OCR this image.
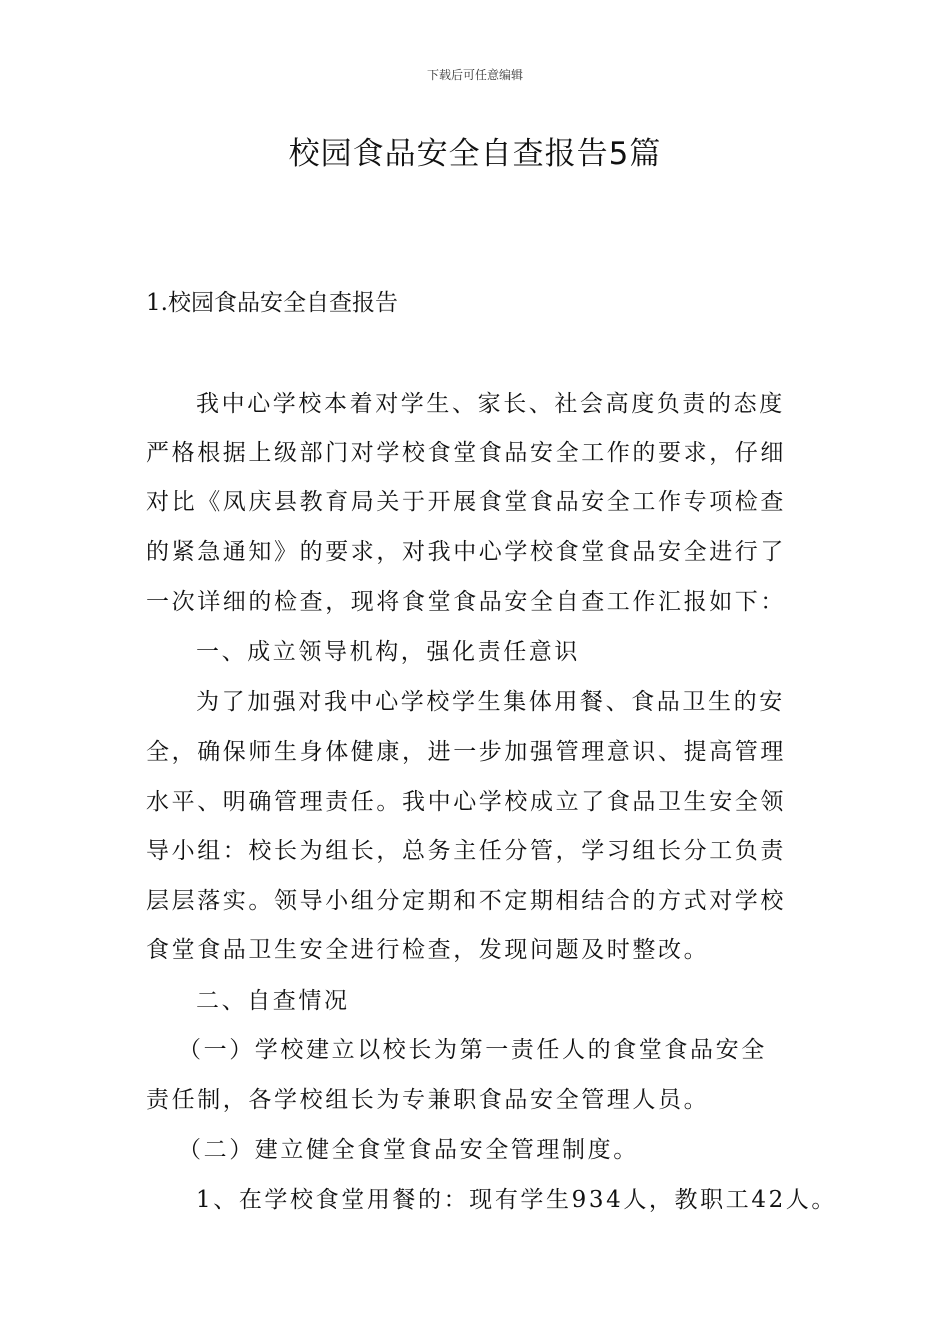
下载后可任意编辑
校园食品安全自查报告5篇
1.校园食品安全自查报告
我中心学校本着对学生、家长、社会高度负责的态度
严格根据上级部门对学校食堂食品安全工作的要求，仔细
对比《凤庆县教育局关于开展食堂食品安全工作专项检查
的紧急通知》的要求，对我中心学校食堂食品安全进行了
一次详细的检查，现将食堂食品安全自查工作汇报如下：
一、成立领导机构，强化责任意识
为了加强对我中心学校学生集体用餐、食品卫生的安
全，确保师生身体健康，进一步加强管理意识、提高管理
水平、明确管理责任。我中心学校成立了食品卫生安全领
导小组：校长为组长，总务主任分管，学习组长分工负责
层层落实。领导小组分定期和不定期相结合的方式对学校
食堂食品卫生安全进行检查，发现问题及时整改。
二、自查情况
（一）学校建立以校长为第一责任人的食堂食品安全
责任制，各学校组长为专兼职食品安全管理人员。
（二）建立健全食堂食品安全管理制度。
1、在学校食堂用餐的：现有学生934人，教职工42人。
